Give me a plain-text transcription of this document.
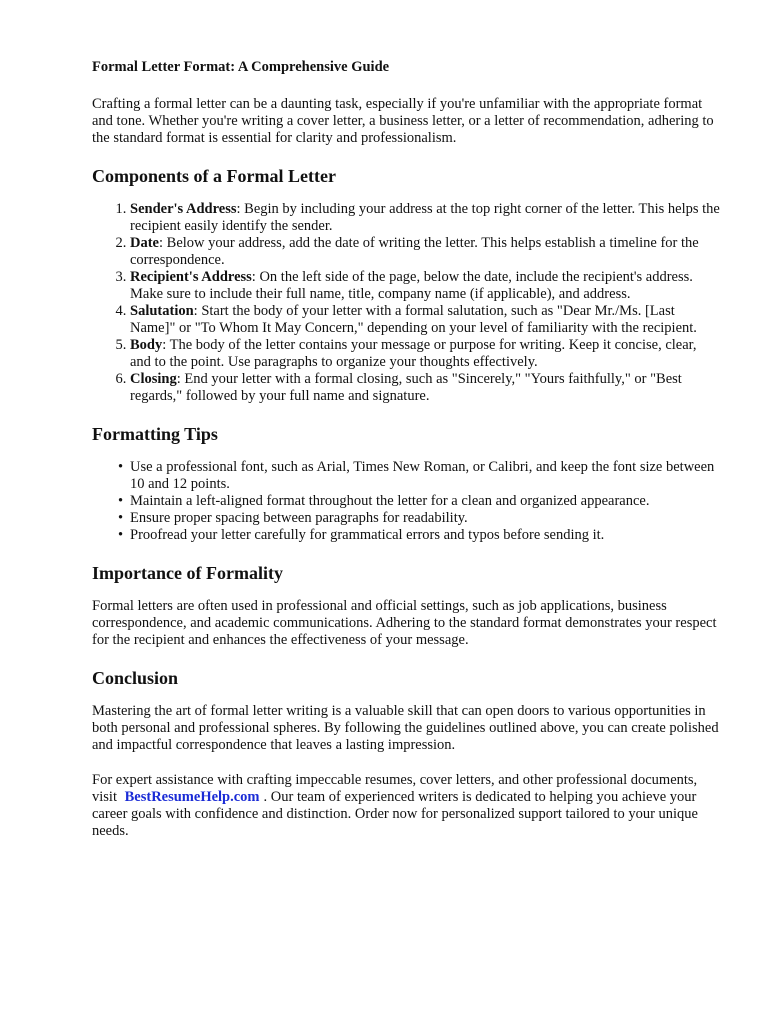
Formal Letter Format: A Comprehensive Guide

Crafting a formal letter can be a daunting task, especially if you're unfamiliar with the appropriate format and tone. Whether you're writing a cover letter, a business letter, or a letter of recommendation, adhering to the standard format is essential for clarity and professionalism.

Components of a Formal Letter
1. Sender's Address: Begin by including your address at the top right corner of the letter. This helps the recipient easily identify the sender.
2. Date: Below your address, add the date of writing the letter. This helps establish a timeline for the correspondence.
3. Recipient's Address: On the left side of the page, below the date, include the recipient's address. Make sure to include their full name, title, company name (if applicable), and address.
4. Salutation: Start the body of your letter with a formal salutation, such as "Dear Mr./Ms. [Last Name]" or "To Whom It May Concern," depending on your level of familiarity with the recipient.
5. Body: The body of the letter contains your message or purpose for writing. Keep it concise, clear, and to the point. Use paragraphs to organize your thoughts effectively.
6. Closing: End your letter with a formal closing, such as "Sincerely," "Yours faithfully," or "Best regards," followed by your full name and signature.
Formatting Tips
• Use a professional font, such as Arial, Times New Roman, or Calibri, and keep the font size between 10 and 12 points.
• Maintain a left-aligned format throughout the letter for a clean and organized appearance.
• Ensure proper spacing between paragraphs for readability.
• Proofread your letter carefully for grammatical errors and typos before sending it.
Importance of Formality

Formal letters are often used in professional and official settings, such as job applications, business correspondence, and academic communications. Adhering to the standard format demonstrates your respect for the recipient and enhances the effectiveness of your message.

Conclusion

Mastering the art of formal letter writing is a valuable skill that can open doors to various opportunities in both personal and professional spheres. By following the guidelines outlined above, you can create polished and impactful correspondence that leaves a lasting impression.

For expert assistance with crafting impeccable resumes, cover letters, and other professional documents, visit BestResumeHelp.com . Our team of experienced writers is dedicated to helping you achieve your career goals with confidence and distinction. Order now for personalized support tailored to your unique needs.
